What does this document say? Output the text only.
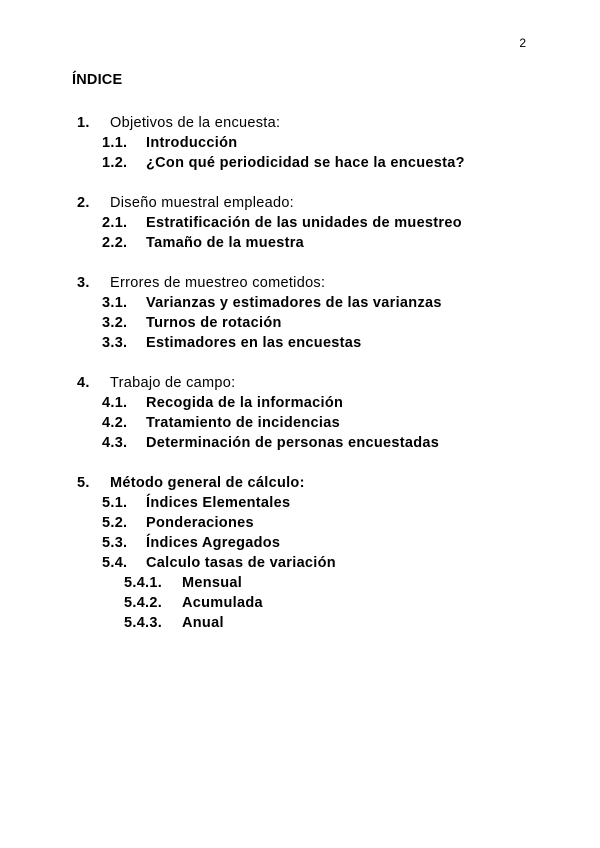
2
ÍNDICE
1. Objetivos de la encuesta:
1.1. Introducción
1.2. ¿Con qué periodicidad se hace la encuesta?
2. Diseño muestral empleado:
2.1. Estratificación de las unidades de muestreo
2.2. Tamaño de la muestra
3. Errores de muestreo cometidos:
3.1. Varianzas y estimadores de las varianzas
3.2. Turnos de rotación
3.3. Estimadores en las encuestas
4. Trabajo de campo:
4.1. Recogida de la información
4.2. Tratamiento de incidencias
4.3. Determinación de personas encuestadas
5. Método general de cálculo:
5.1. Índices Elementales
5.2. Ponderaciones
5.3. Índices Agregados
5.4. Calculo tasas de variación
5.4.1. Mensual
5.4.2. Acumulada
5.4.3. Anual
